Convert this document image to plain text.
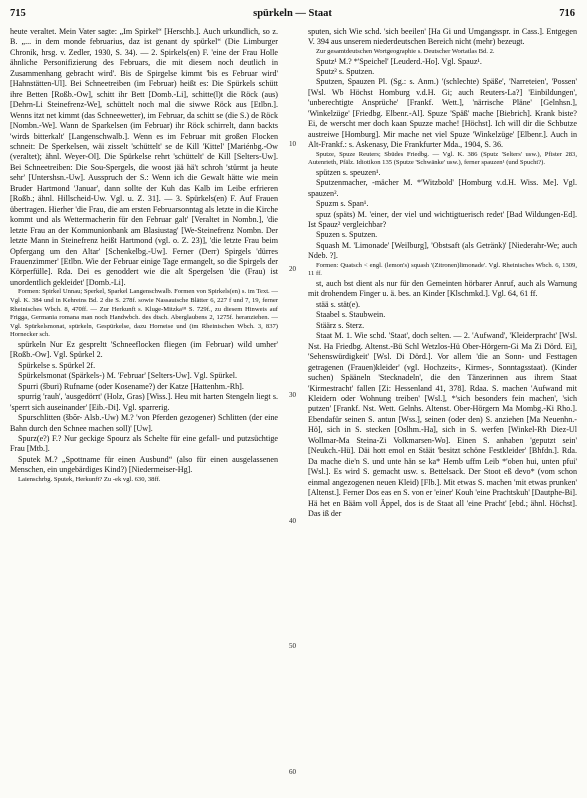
715	spürkeln — Staat	716

heute veraltet. Mein Vater sagte: „Im Spirkel“ [Herschb.]. Auch urkundlich, so z. B. „... in dem monde februarius, daz ist genant dy spürkel“ (Die Limburger Chronik, hrsg. v. Zedler, 1930, S. 34). — 2. Spirkels(en) F. 'eine der Frau Holle ähnliche Personifizierung des Februars, die mit diesem noch deutlich in Zusammenhang gebracht wird'. Bis de Spirgelse kimmt 'bis es Februar wird' [Hahnstätten-Ul]. Bei Schneetreiben (im Februar) heißt es: Die Spürkels schütt ihre Betten [Roßb.-Ow], schitt ihr Bett [Domb.-Li], schitte(l)t die Röck (aus) [Dehrn-Li Steinefrenz-We], schüttelt noch mal die siwwe Röck aus [Etlbn.]. Wenns itzt net kimmt (das Schneewetter), im Februar, da schitt se (die S.) de Röck [Nombn.-We]. Wann de Sparkelsen (im Februar) ihr Röck schirrelt, dann backts 'wirds bitterkalt' [Langenschwalb.]. Wenn es im Februar mit großen Flocken schneit: De Sperkelsen, wäi zisselt 'schüttelt' se de Kill 'Kittel' [Mariénbg.-Ow (veraltet); ähnl. Weyer-Ol]. Die Spürkelse rehrt 'schüttelt' de Kill [Selters-Uw]. Bei Schneetreiben: Die Sou-Spergels, die woost jää hä't schroh 'stürmt ja heute sehr' [Untershsn.-Uw]. Ausspruch der S.: Wenn ich die Gewalt hätte wie mein Bruder Hartmond 'Januar', dann sollte der Kuh das Kalb im Leibe erfrieren [Roßb.; ähnl. Hillscheid-Uw. Vgl. u. Z. 31]. — 3. Spürkels(en) F. Auf Frauen übertragen. Hierher 'die Frau, die am ersten Februarsonntag als letzte in die Kirche kommt und als Wettermacherin für den Februar galt' [Veraltet in Nombn.], 'die letzte Frau an der Kommunionbank am Blasiustag' [We-Steinefrenz Nombn. Der letzte Mann in Steinefrenz heißt Hartmond (vgl. o. Z. 23)], 'die letzte Frau beim Opfergang um den Altar' [Schenkelbg.-Uw]. Ferner (Derr) Spirgels 'dürres Frauenzimmer' [Etlbn. Wie der Februar einige Tage ermangelt, so die Spirgels der Körperfülle]. Rda. Dei es genoddert wie die alt Spergelsen 'die (Frau) ist unordentlich gekleidet' [Domb.-Li].

Formen: Spirkel Unnau; Sperkel, Sparkel Langenschwalb. Formen von Spirkels(en) s. im Text. — Vgl. K. 384 und in Kehreins Bd. 2 die S. 278f. sowie Nassauische Blätter 6, 227 f und 7, 19, ferner Rheinisches Wbch. 8, 470ff. — Zur Herkunft s. Kluge-Mitzka¹⁸ S. 729f., zu diesem Hinweis auf Frigga, Germania romana man noch Handwbch. des dtsch. Aberglaubens 2, 1275f. heranziehen. — Vgl. Spürkelsmonat, spürkeln, Gespürkelse, dazu Horneise und (im Rheinischen Wbch. 3, 837) Hornecker sch.

spürkeln Nur Ez gespreltt 'Schneeflocken fliegen (im Februar) wild umher' [Roßb.-Ow]. Vgl. Spürkel 2.

Spürkelse s. Spürkel 2f.

Spürkelsmonat (Spärkels-) M. 'Februar' [Selters-Uw]. Vgl. Spürkel.

Spurri (šburi) Rufname (oder Kosename?) der Katze [Hattenhm.-Rh].

spurrig 'rauh', 'ausgedörrt' (Holz, Gras) [Wiss.]. Heu mit harten Stengeln liegt s. 'sperrt sich auseinander' [Eib.-Di]. Vgl. sparrerig.

Spurschlitten (šbōr- Alsb.-Uw) M.? 'von Pferden gezogener) Schlitten (der eine Bahn durch den Schnee machen soll)' [Uw].

Spurz(e?) F.? Nur geckige Spourz als Schelte für eine gefall- und putzsüchtige Frau [Mtb.].

Sputek M.? „Spottname für einen Ausbund“ (also für einen ausgelassenen Menschen, ein ungebärdiges Kind?) [Niedermeiser-Hg].

Laienschrbg. Sputek, Herkunft? Zu -ek vgl. 630, 38ff.

10
20
30
40
50
60

sputen, sich Wie schd. 'sich beeilen' [Ha Gi und Umgangsspr. in Cass.]. Entgegen V. 394 aus unserem niederdeutschen Bereich nicht (mehr) bezeugt.

Zur gesamtdeutschen Wortgeographie s. Deutscher Wortatlas Bd. 2.

Sputz¹ M.? *'Speichel' [Leuderd.-Ho]. Vgl. Spauz¹.

Sputz² s. Sputzen.

Sputzen, Spauzen Pl. (Sg.: s. Anm.) '(schlechte) Späße', 'Narreteien', 'Possen' [Wsl. Wb Höchst Homburg v.d.H. Gi; auch Reuters-La?] 'Einbildungen', 'unberechtigte Ansprüche' [Frankf. Wett.], 'närrische Pläne' [Gelnhsn.], 'Winkelzüge' [Friedbg. Elbenr.-Al]. Spuze 'Späß' mache [Biebrich]. Krank biste? Ei, de werscht mer doch kaan Spuzze mache! [Höchst]. Ich will dir die Schbutze austreiwe [Homburg]. Mir mache net viel Spuze 'Winkelzüge' [Elbenr.]. Auch in Alt-Frankf.: s. Askenasy, Die Frankfurter Mda., 1904, S. 36.

Sputze, Spuze Reuters; Sbüdes Friedbg. — Vgl. K. 386 (Sputz 'Selters' usw.), Pfister 283, Autenrieth, Pfälz. Idiotikon 135 (Sputze 'Schwänke' usw.), ferner spauzen¹ (und Spucht?).

spützen s. speuzen¹.

Sputzenmacher, -mächer M. *'Witzbold' [Homburg v.d.H. Wiss. Me]. Vgl. spauzen².

Spuzm s. Span¹.

spuz (späts) M. 'einer, der viel und wichtigtuerisch redet' [Bad Wildungen-Ed]. Ist Spauz² vergleichbar?

Spuzen s. Sputzen.

Squash M. 'Limonade' [Weilburg], 'Obstsaft (als Getränk)' [Niederahr-We; auch Ndeb. ?].

Formen: Quatsch < engl. (lemon's) squash '(Zitronen)limonade'. Vgl. Rheinisches Wbch. 6, 1309, 11 ff.

st, auch bst dient als nur für den Gemeinten hörbarer Anruf, auch als Warnung mit drohendem Finger u. ä. bes. an Kinder [Klschmkd.]. Vgl. 64, 61 ff.

stää s. stät(e).

Staabel s. Staubwein.

Stäärz s. Sterz.

Staat M. 1. Wie schd. 'Staat', doch selten. — 2. 'Aufwand', 'Kleiderpracht' [Wsl. Nst. Ha Friedbg. Altenst.-Bü Schl Wetzlos-Hü Ober-Hörgern-Gi Ma Zi Dörd. Ei], 'Sehenswürdigkeit' [Wsl. Di Dörd.]. Vor allem 'die an Sonn- und Festtagen getragenen (Frauen)kleider' (vgl. Hochzeits-, Kirmes-, Sonntagsstaat). (Kinder suchen) Spääneln 'Stecknadeln', die den Tänzerinnen aus ihrem Staat 'Kirmestracht' fallen [Zi: Hessenland 41, 378]. Rdaa. S. machen 'Aufwand mit Kleidern oder Wohnung treiben' [Wsl.], *'sich besonders fein machen', 'sich putzen' [Frankf. Nst. Wett. Gelnhs. Altenst. Ober-Hörgern Ma Mombg.-Ki Rho.]. Ebendafür seinen S. antun [Wss.], seinen (oder den) S. anziehen [Ma Neuenhn.-Hö], sich in S. stecken [Oslhm.-Ha], sich in S. werfen [Winkel-Rh Diez-Ul Wollmar-Ma Steina-Zi Volkmarsen-Wo]. Einen S. anhaben 'geputzt sein' [Neukch.-Hü]. Däi hott emol en Stäät 'besitzt schöne Festkleider' [Bhfdn.]. Rda. Da mache die'n S. und unte hän se ka* Hemb uffm Leib *'oben hui, unten pfui' [Wsl.]. Es wird S. gemacht usw. s. Bettelsack. Der Stoot eß devo* (vom schon einmal angezogenen neuen Kleid) [Flb.]. Mit etwas S. machen 'mit etwas prunken' [Altenst.]. Ferner Dos eas en S. von er 'einer' Kouh 'eine Prachtskuh' [Dautphe-Bi]. Hä het en Bääm voll Äppel, dos is de Staat all 'eine Pracht' [ebd.; ähnl. Höchst]. Das iß der
